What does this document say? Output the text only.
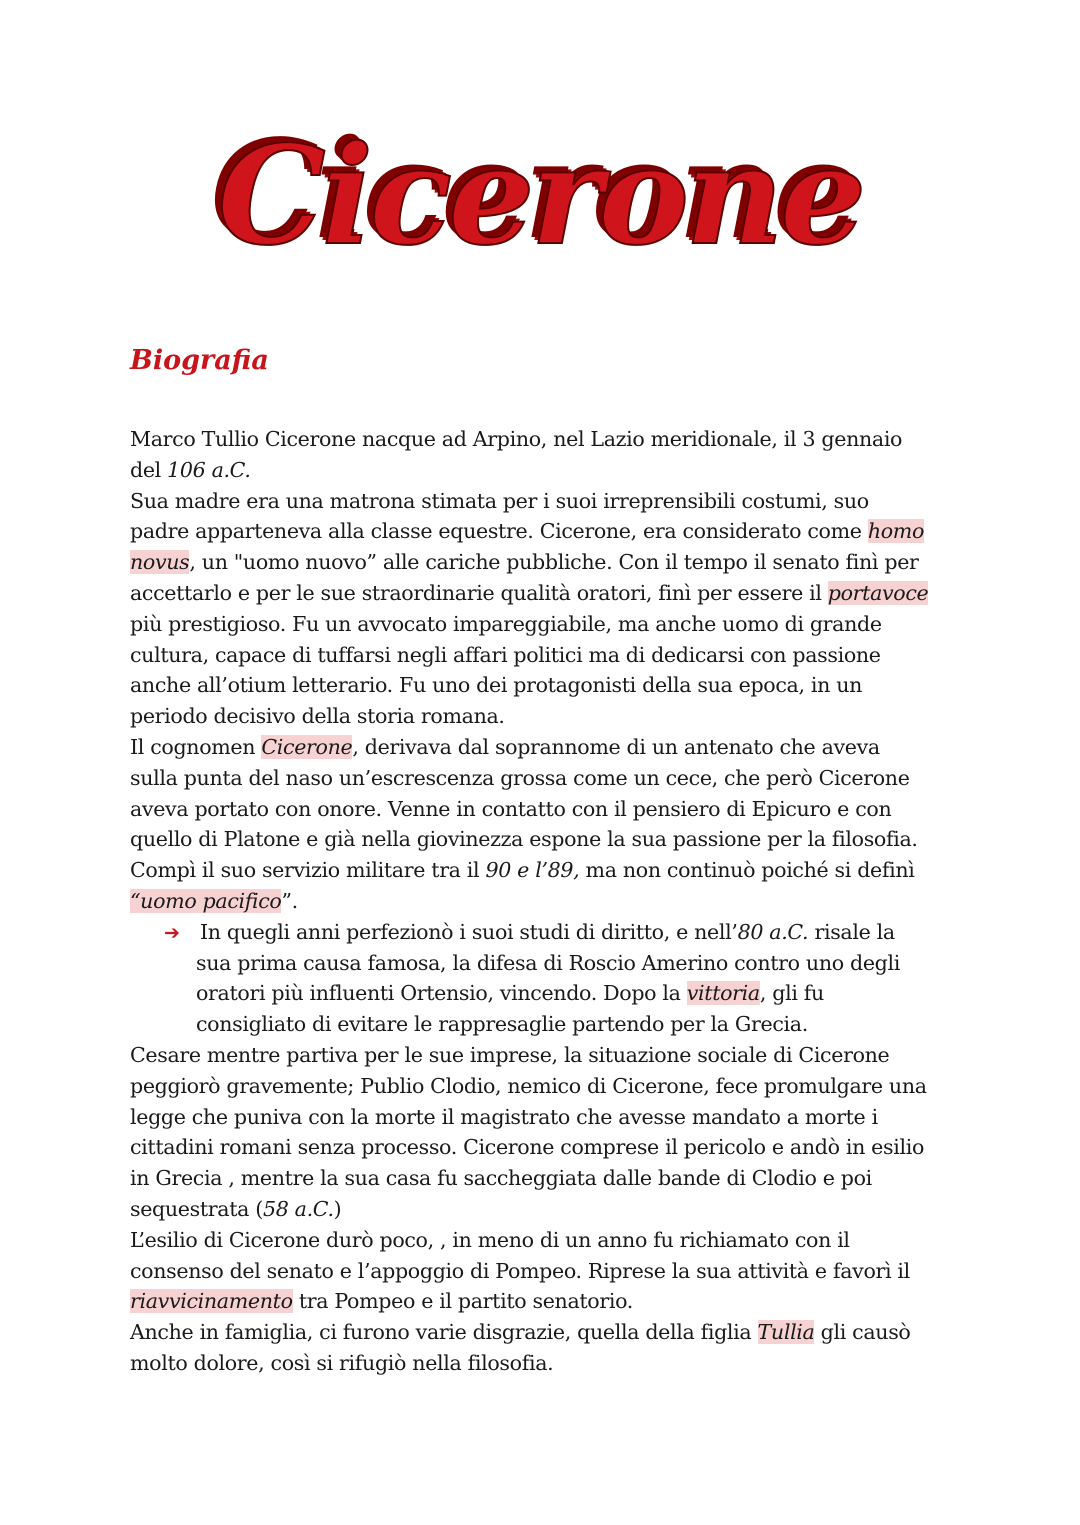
Cicerone
Biografia
Marco Tullio Cicerone nacque ad Arpino, nel Lazio meridionale, il 3 gennaio
del 106 a.C.
Sua madre era una matrona stimata per i suoi irreprensibili costumi, suo
padre apparteneva alla classe equestre. Cicerone, era considerato come homo
novus, un "uomo nuovo” alle cariche pubbliche. Con il tempo il senato finì per
accettarlo e per le sue straordinarie qualità oratori, finì per essere il portavoce
più prestigioso. Fu un avvocato impareggiabile, ma anche uomo di grande
cultura, capace di tuffarsi negli affari politici ma di dedicarsi con passione
anche all’otium letterario. Fu uno dei protagonisti della sua epoca, in un
periodo decisivo della storia romana.
Il cognomen Cicerone, derivava dal soprannome di un antenato che aveva
sulla punta del naso un’escrescenza grossa come un cece, che però Cicerone
aveva portato con onore. Venne in contatto con il pensiero di Epicuro e con
quello di Platone e già nella giovinezza espone la sua passione per la filosofia.
Compì il suo servizio militare tra il 90 e l’89, ma non continuò poiché si definì
“uomo pacifico”.
➔ In quegli anni perfezionò i suoi studi di diritto, e nell’80 a.C. risale la
sua prima causa famosa, la difesa di Roscio Amerino contro uno degli
oratori più influenti Ortensio, vincendo. Dopo la vittoria, gli fu
consigliato di evitare le rappresaglie partendo per la Grecia.
Cesare mentre partiva per le sue imprese, la situazione sociale di Cicerone
peggiorò gravemente; Publio Clodio, nemico di Cicerone, fece promulgare una
legge che puniva con la morte il magistrato che avesse mandato a morte i
cittadini romani senza processo. Cicerone comprese il pericolo e andò in esilio
in Grecia , mentre la sua casa fu saccheggiata dalle bande di Clodio e poi
sequestrata (58 a.C.)
L’esilio di Cicerone durò poco, , in meno di un anno fu richiamato con il
consenso del senato e l’appoggio di Pompeo. Riprese la sua attività e favorì il
riavvicinamento tra Pompeo e il partito senatorio.
Anche in famiglia, ci furono varie disgrazie, quella della figlia Tullia gli causò
molto dolore, così si rifugiò nella filosofia.
